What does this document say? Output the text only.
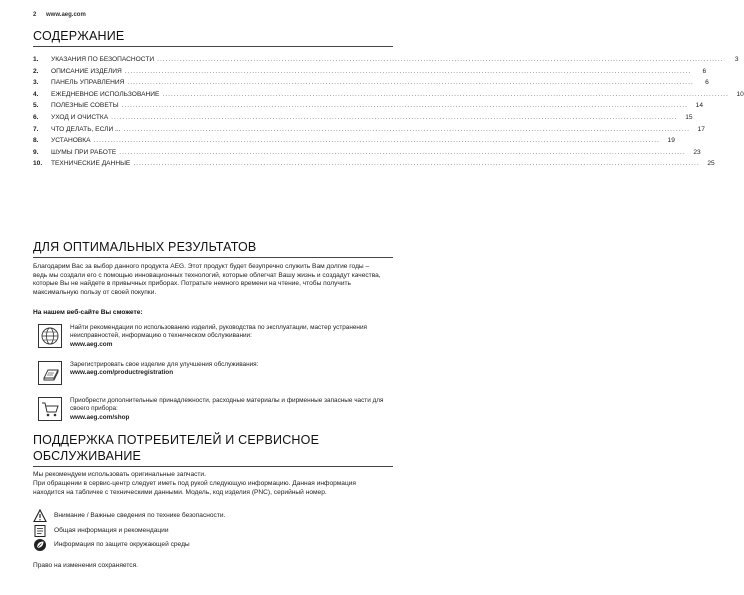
2 www.aeg.com
СОДЕРЖАНИЕ
1.	УКАЗАНИЯ ПО БЕЗОПАСНОСТИ ........................................................................................................................................................................................................	3
2.	ОПИСАНИЕ ИЗДЕЛИЯ ........................................................................................................................................................................................................	6
3.	ПАНЕЛЬ УПРАВЛЕНИЯ ........................................................................................................................................................................................................	6
4.	ЕЖЕДНЕВНОЕ ИСПОЛЬЗОВАНИЕ ........................................................................................................................................................................................................	10
5.	ПОЛЕЗНЫЕ СОВЕТЫ ........................................................................................................................................................................................................	14
6.	УХОД И ОЧИСТКА ........................................................................................................................................................................................................	15
7.	ЧТО ДЕЛАТЬ, ЕСЛИ ... ........................................................................................................................................................................................................	17
8.	УСТАНОВКА ........................................................................................................................................................................................................	19
9.	ШУМЫ ПРИ РАБОТЕ ........................................................................................................................................................................................................	23
10.	ТЕХНИЧЕСКИЕ ДАННЫЕ ........................................................................................................................................................................................................	25
ДЛЯ ОПТИМАЛЬНЫХ РЕЗУЛЬТАТОВ
Благодарим Вас за выбор данного продукта AEG. Этот продукт будет безупречно служить Вам долгие годы – ведь мы создали его с помощью инновационных технологий, которые облегчат Вашу жизнь и создадут качества, которые Вы не найдете в привычных приборах. Потратьте немного времени на чтение, чтобы получить максимальную пользу от своей покупки.
На нашем веб-сайте Вы сможете:
Найти рекомендации по использованию изделий, руководства по эксплуатации, мастер устранения неисправностей, информацию о техническом обслуживании:
www.aeg.com
Зарегистрировать свое изделие для улучшения обслуживания:
www.aeg.com/productregistration
Приобрести дополнительные принадлежности, расходные материалы и фирменные запасные части для своего прибора:
www.aeg.com/shop
ПОДДЕРЖКА ПОТРЕБИТЕЛЕЙ И СЕРВИСНОЕ
ОБСЛУЖИВАНИЕ
Мы рекомендуем использовать оригинальные запчасти.
При обращении в сервис-центр следует иметь под рукой следующую информацию. Данная информация находится на табличке с техническими данными. Модель, код изделия (PNC), серийный номер.
Внимание / Важные сведения по технике безопасности.
Общая информация и рекомендации
Информация по защите окружающей среды
Право на изменения сохраняется.
